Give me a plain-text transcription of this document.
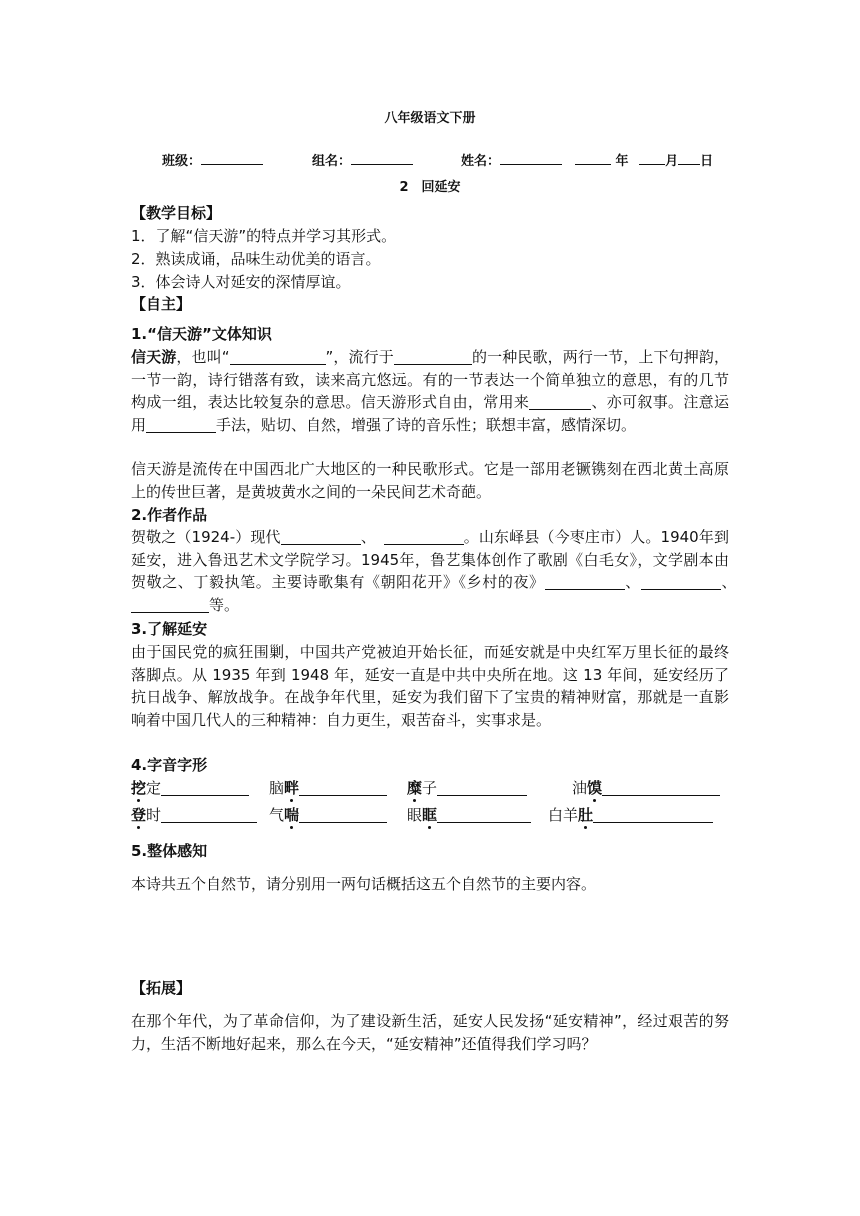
八年级语文下册
班级：	组名：	姓名：	年	月 日
2　回延安
【教学目标】
1．了解“信天游”的特点并学习其形式。
2．熟读成诵，品味生动优美的语言。
3．体会诗人对延安的深情厚谊。
【自主】
1.“信天游”文体知识
信天游，也叫“	”，流行于	的一种民歌，两行一节，上下句押韵，一节一韵，诗行错落有致，读来高亢悠远。有的一节表达一个简单独立的意思，有的几节构成一组，表达比较复杂的意思。信天游形式自由，常用来	、亦可叙事。注意运用	手法，贴切、自然，增强了诗的音乐性；联想丰富，感情深切。
信天游是流传在中国西北广大地区的一种民歌形式。它是一部用老镢镌刻在西北黄土高原上的传世巨著，是黄坡黄水之间的一朵民间艺术奇葩。
2.作者作品
贺敬之（1924-）现代	、　	。山东峄县（今枣庄市）人。1940年到延安，进入鲁迅艺术文学院学习。1945年，鲁艺集体创作了歌剧《白毛女》，文学剧本由贺敬之、丁毅执笔。主要诗歌集有《朝阳花开》《乡村的夜》	、	、　等。
3.了解延安
由于国民党的疯狂围剿，中国共产党被迫开始长征，而延安就是中央红军万里长征的最终落脚点。从 1935 年到 1948 年，延安一直是中共中央所在地。这 13 年间，延安经历了抗日战争、解放战争。在战争年代里，延安为我们留下了宝贵的精神财富，那就是一直影响着中国几代人的三种精神：自力更生，艰苦奋斗，实事求是。
4.字音字形
挖定	脑畔	糜子	油馍
登时	气喘	眼眶	白羊肚
5.整体感知
本诗共五个自然节，请分别用一两句话概括这五个自然节的主要内容。
【拓展】
在那个年代，为了革命信仰，为了建设新生活，延安人民发扬“延安精神”，经过艰苦的努力，生活不断地好起来，那么在今天，“延安精神”还值得我们学习吗？
